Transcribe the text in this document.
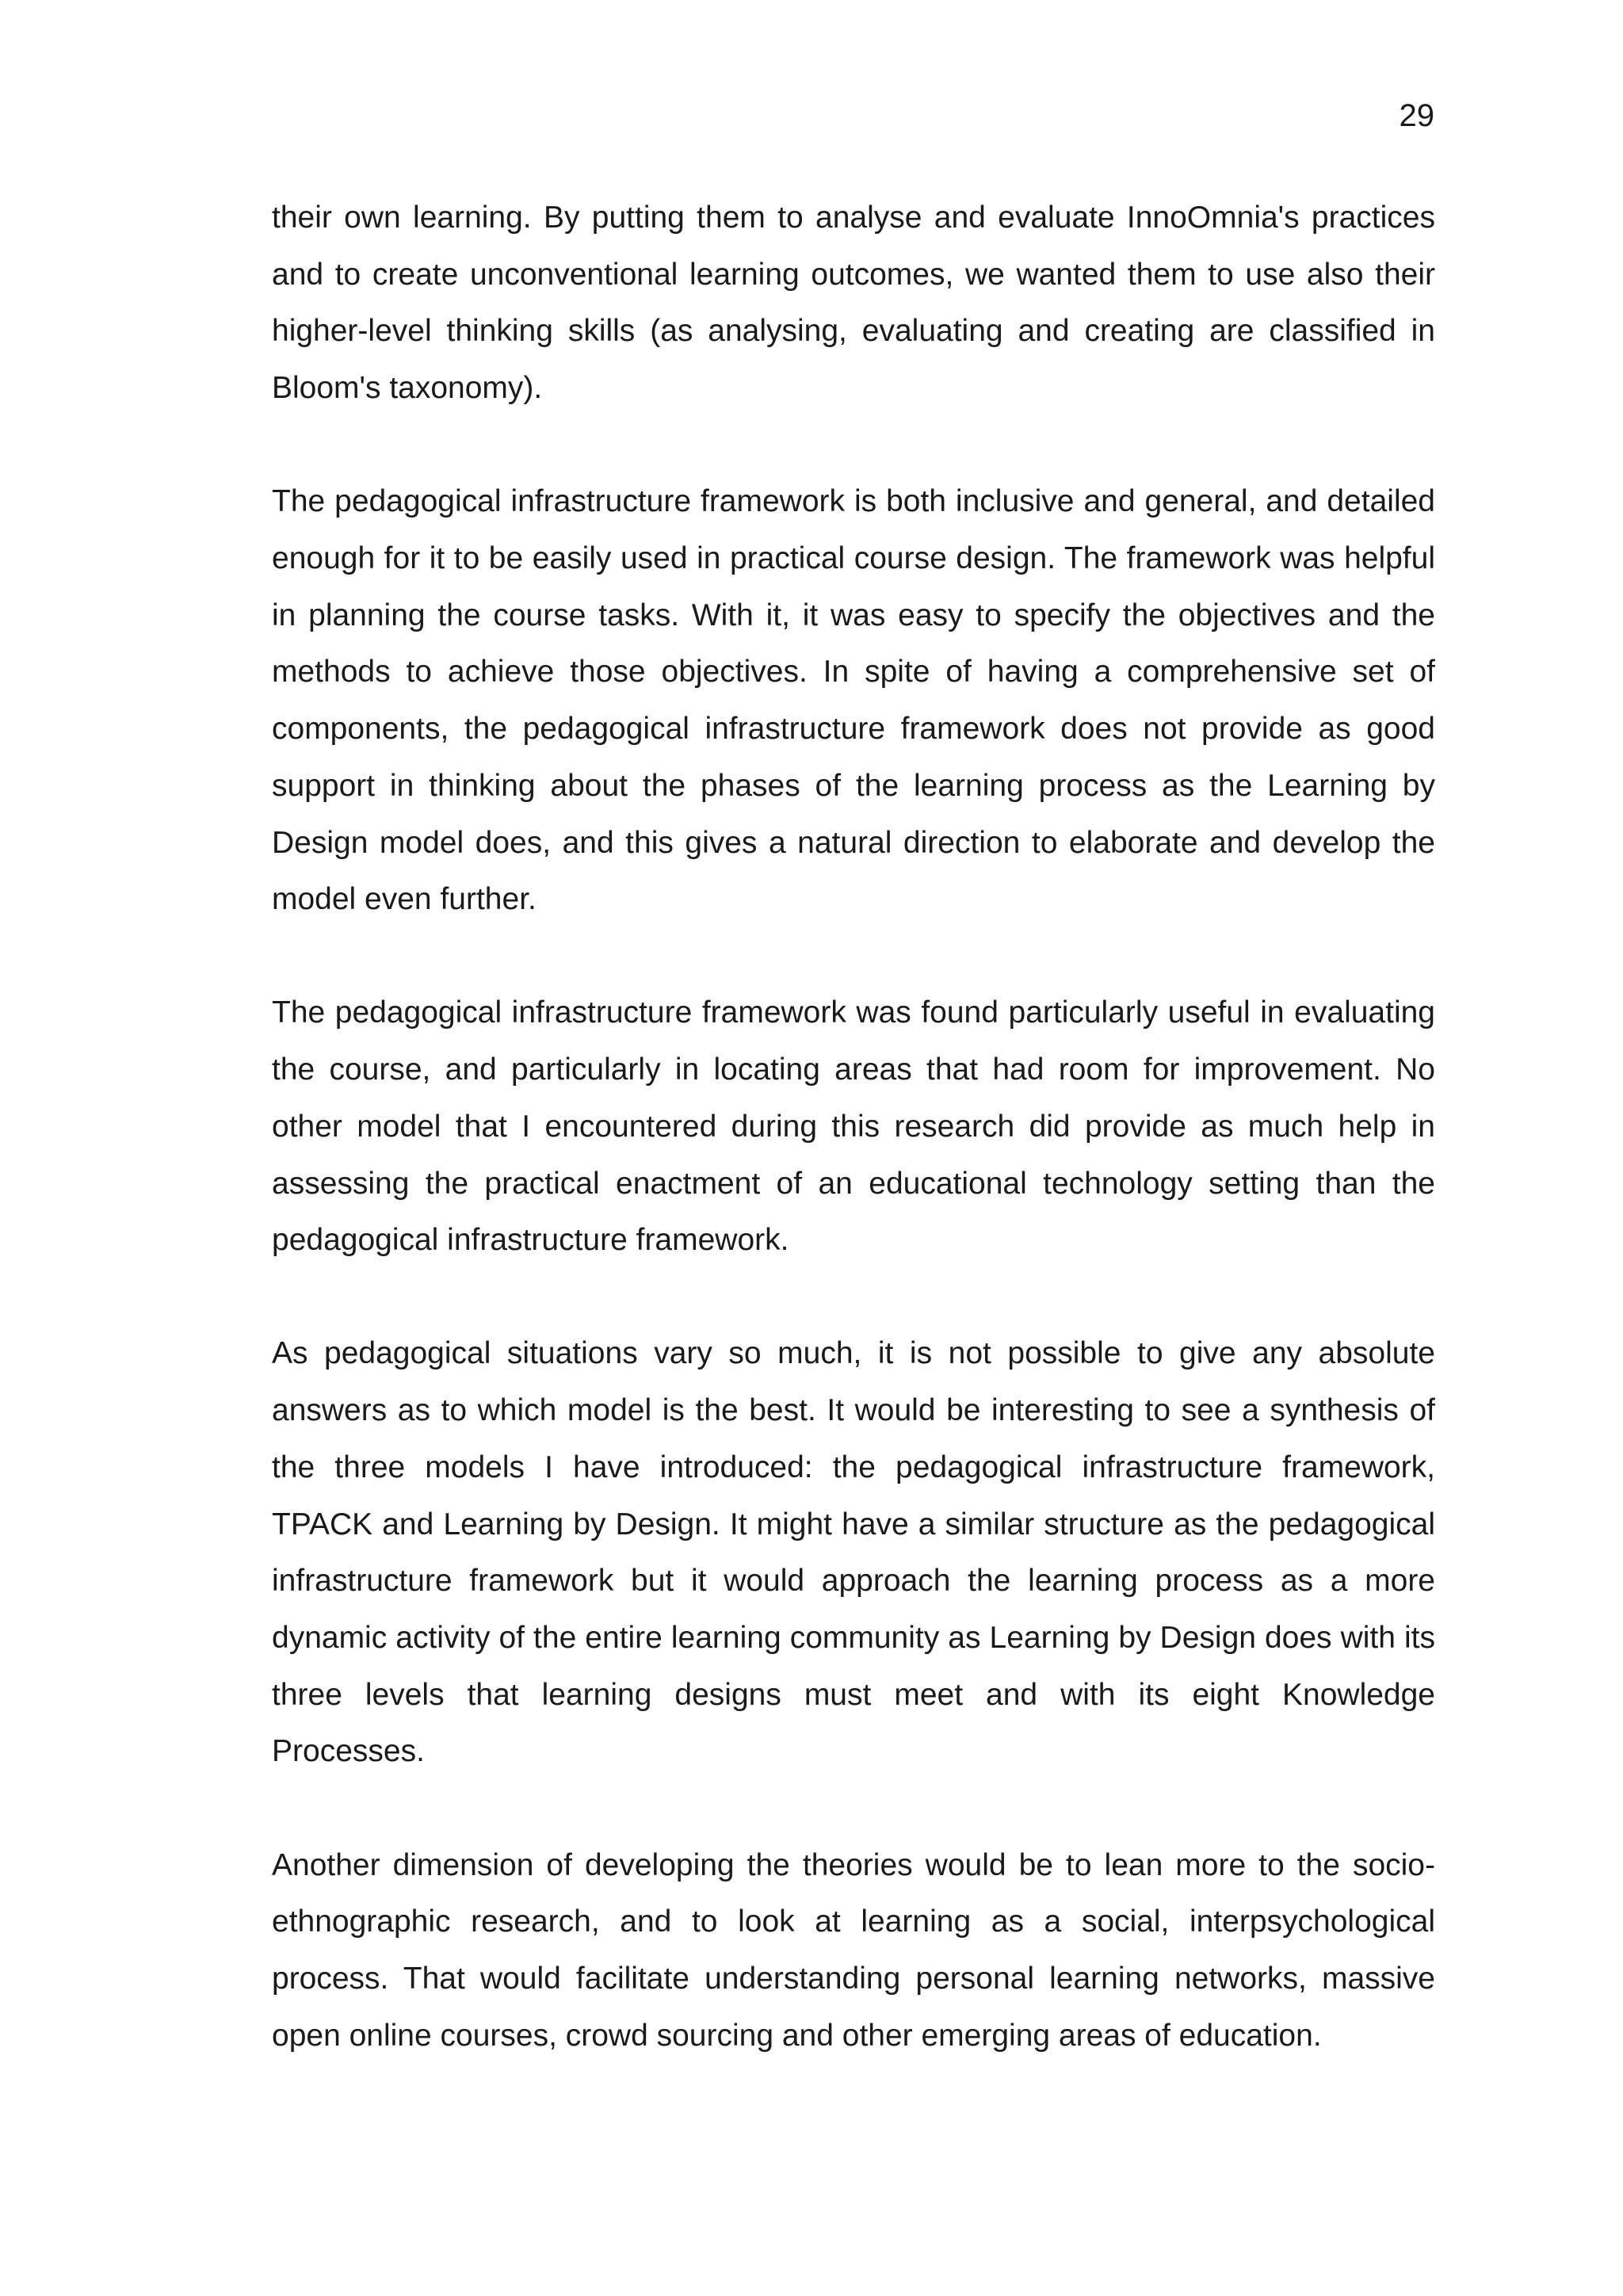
29

their own learning. By putting them to analyse and evaluate InnoOmnia's practices and to create unconventional learning outcomes, we wanted them to use also their higher-level thinking skills (as analysing, evaluating and creating are classified in Bloom's taxonomy).

The pedagogical infrastructure framework is both inclusive and general, and detailed enough for it to be easily used in practical course design. The framework was helpful in planning the course tasks. With it, it was easy to specify the objectives and the methods to achieve those objectives. In spite of having a comprehensive set of components, the pedagogical infrastructure framework does not provide as good support in thinking about the phases of the learning process as the Learning by Design model does, and this gives a natural direction to elaborate and develop the model even further.

The pedagogical infrastructure framework was found particularly useful in evaluating the course, and particularly in locating areas that had room for improvement. No other model that I encountered during this research did provide as much help in assessing the practical enactment of an educational technology setting than the pedagogical infrastructure framework.

As pedagogical situations vary so much, it is not possible to give any absolute answers as to which model is the best. It would be interesting to see a synthesis of the three models I have introduced: the pedagogical infrastructure framework, TPACK and Learning by Design. It might have a similar structure as the pedagogical infrastructure framework but it would approach the learning process as a more dynamic activity of the entire learning community as Learning by Design does with its three levels that learning designs must meet and with its eight Knowledge Processes.

Another dimension of developing the theories would be to lean more to the socio-ethnographic research, and to look at learning as a social, interpsychological process. That would facilitate understanding personal learning networks, massive open online courses, crowd sourcing and other emerging areas of education.
